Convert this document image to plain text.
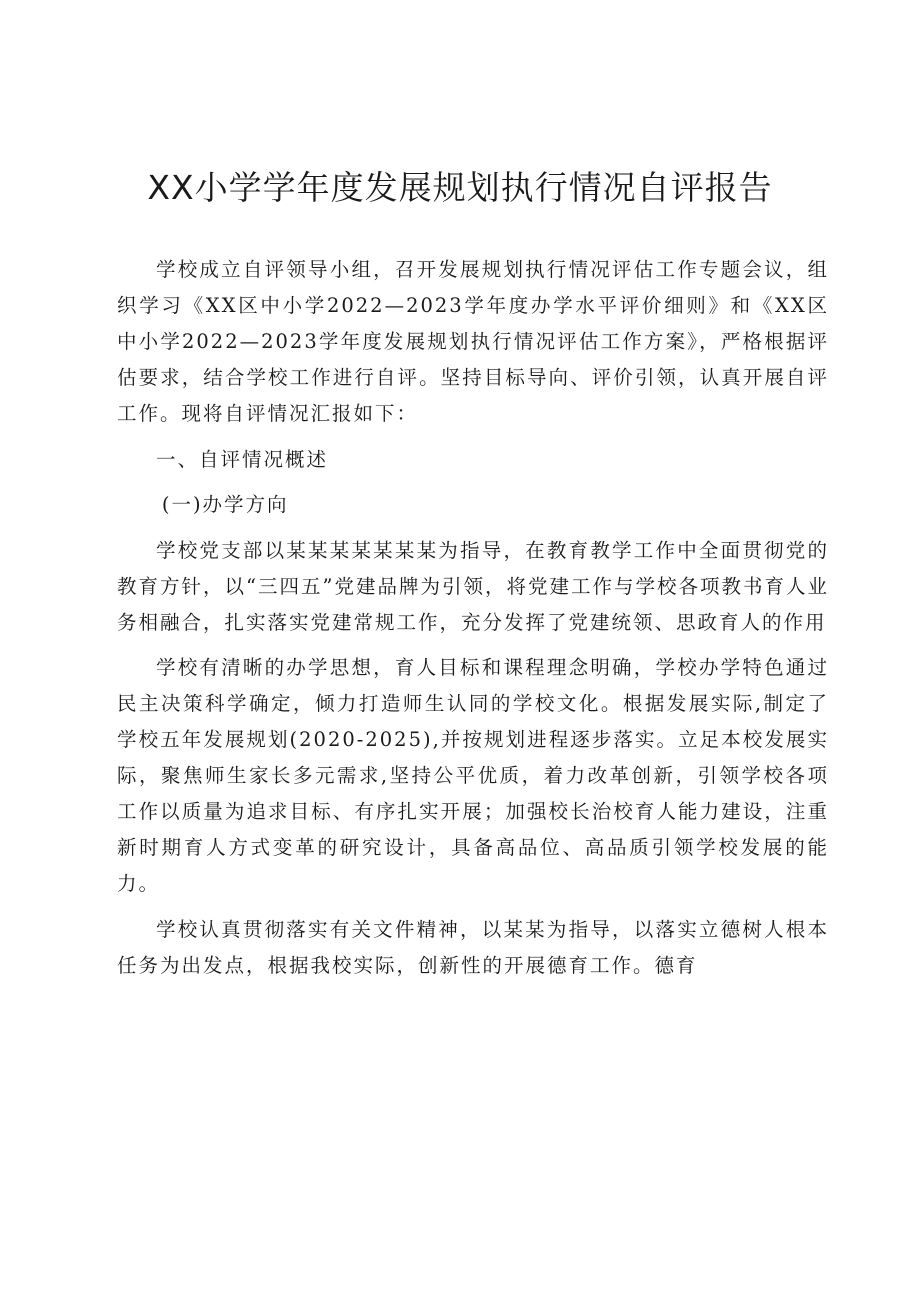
XX小学学年度发展规划执行情况自评报告

学校成立自评领导小组，召开发展规划执行情况评估工作专题会议，组织学习《XX区中小学2022—2023学年度办学水平评价细则》和《XX区中小学2022—2023学年度发展规划执行情况评估工作方案》，严格根据评估要求，结合学校工作进行自评。坚持目标导向、评价引领，认真开展自评工作。现将自评情况汇报如下：

一、自评情况概述

(一)办学方向

学校党支部以某某某某某某某为指导，在教育教学工作中全面贯彻党的教育方针，以“三四五”党建品牌为引领，将党建工作与学校各项教书育人业务相融合，扎实落实党建常规工作，充分发挥了党建统领、思政育人的作用

学校有清晰的办学思想，育人目标和课程理念明确，学校办学特色通过民主决策科学确定，倾力打造师生认同的学校文化。根据发展实际,制定了学校五年发展规划(2020-2025),并按规划进程逐步落实。立足本校发展实际，聚焦师生家长多元需求,坚持公平优质，着力改革创新，引领学校各项工作以质量为追求目标、有序扎实开展；加强校长治校育人能力建设，注重新时期育人方式变革的研究设计，具备高品位、高品质引领学校发展的能力。

学校认真贯彻落实有关文件精神，以某某为指导，以落实立德树人根本任务为出发点，根据我校实际，创新性的开展德育工作。德育
